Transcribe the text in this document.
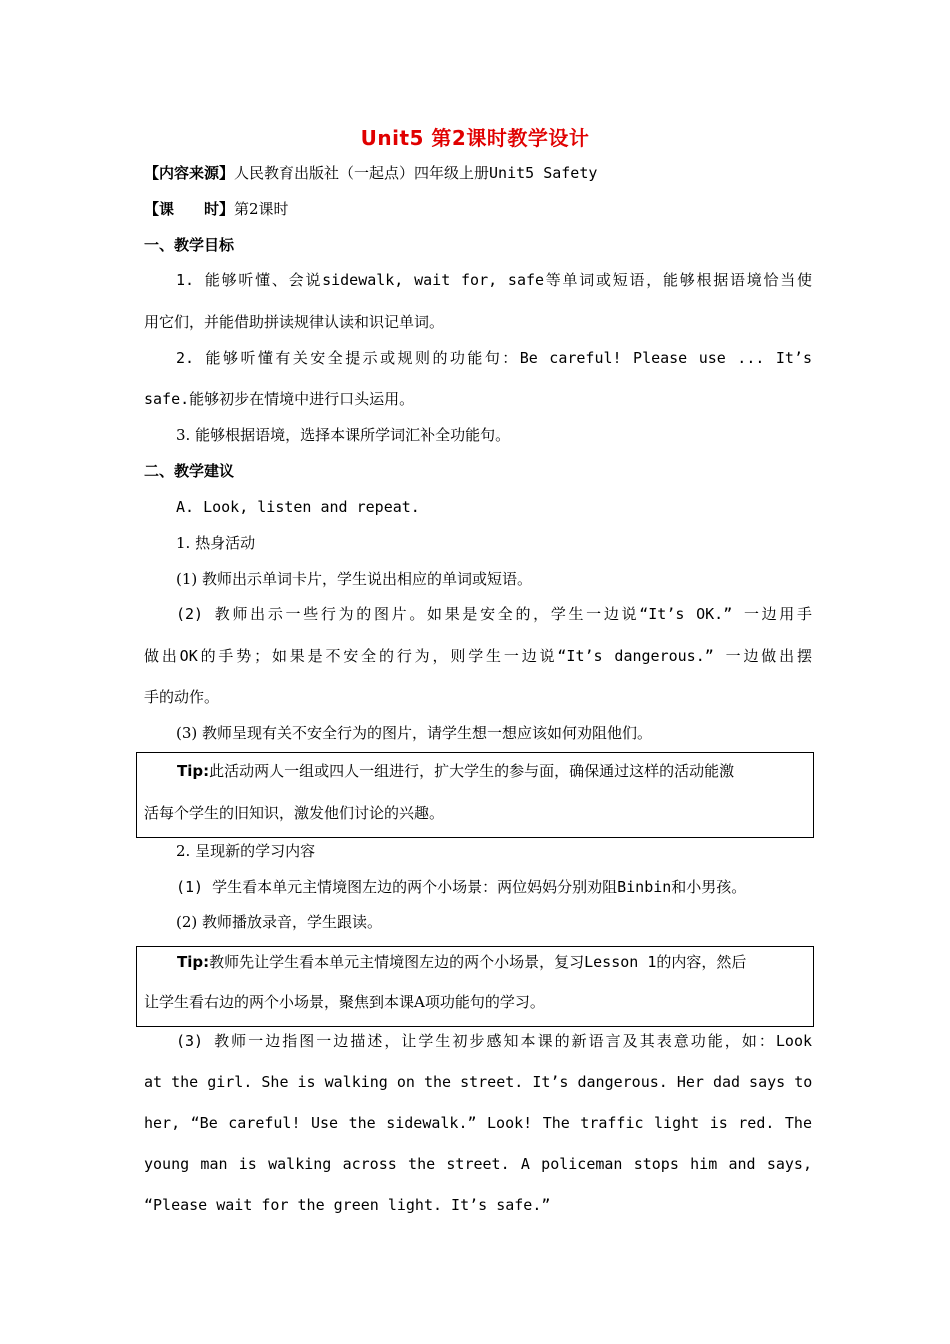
Unit5 第2课时教学设计
【内容来源】人民教育出版社（一起点）四年级上册Unit5 Safety
【课　　时】第2课时
一、教学目标
1. 能够听懂、会说sidewalk, wait for, safe等单词或短语，能够根据语境恰当使
用它们，并能借助拼读规律认读和识记单词。
2. 能够听懂有关安全提示或规则的功能句：Be careful! Please use ... It’s
safe.能够初步在情境中进行口头运用。
3. 能够根据语境，选择本课所学词汇补全功能句。
二、教学建议
A. Look, listen and repeat.
1. 热身活动
(1) 教师出示单词卡片，学生说出相应的单词或短语。
(2) 教师出示一些行为的图片。如果是安全的，学生一边说“It’s OK.” 一边用手
做出OK的手势；如果是不安全的行为，则学生一边说“It’s dangerous.” 一边做出摆
手的动作。
(3) 教师呈现有关不安全行为的图片，请学生想一想应该如何劝阻他们。
Tip:此活动两人一组或四人一组进行，扩大学生的参与面，确保通过这样的活动能激
活每个学生的旧知识，激发他们讨论的兴趣。
2. 呈现新的学习内容
(1) 学生看本单元主情境图左边的两个小场景：两位妈妈分别劝阻Binbin和小男孩。
(2) 教师播放录音，学生跟读。
Tip:教师先让学生看本单元主情境图左边的两个小场景，复习Lesson 1的内容，然后
让学生看右边的两个小场景，聚焦到本课A项功能句的学习。
(3) 教师一边指图一边描述，让学生初步感知本课的新语言及其表意功能，如：Look
at the girl. She is walking on the street. It’s dangerous. Her dad says to
her, “Be careful! Use the sidewalk.” Look! The traffic light is red. The
young man is walking across the street. A policeman stops him and says,
“Please wait for the green light. It’s safe.”
